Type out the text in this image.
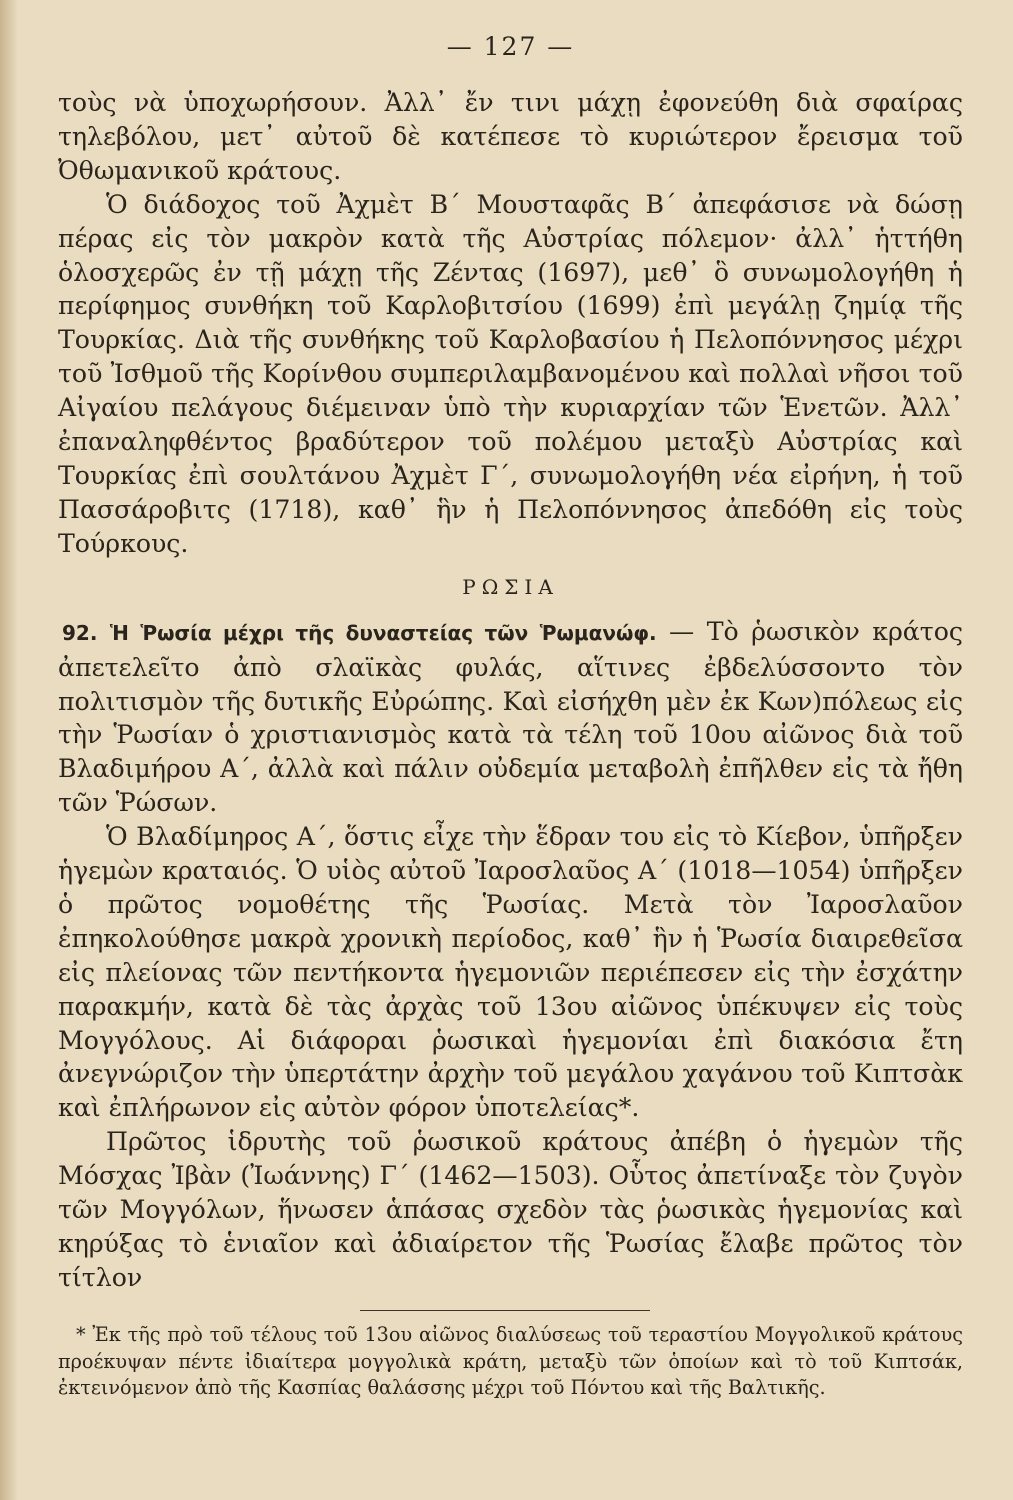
— 127 —

τοὺς νὰ ὑποχωρήσουν. Ἀλλ᾽ ἔν τινι μάχῃ ἐφονεύθη διὰ σφαίρας τηλεβόλου, μετ᾽ αὐτοῦ δὲ κατέπεσε τὸ κυριώτερον ἔρεισμα τοῦ Ὀθωμανικοῦ κράτους.

Ὁ διάδοχος τοῦ Ἀχμὲτ Β΄ Μουσταφᾶς Β΄ ἀπεφάσισε νὰ δώσῃ πέρας εἰς τὸν μακρὸν κατὰ τῆς Αὐστρίας πόλεμον· ἀλλ᾽ ἡττήθη ὁλοσχερῶς ἐν τῇ μάχῃ τῆς Ζέντας (1697), μεθ᾽ ὃ συνωμολογήθη ἡ περίφημος συνθήκη τοῦ Καρλοβιτσίου (1699) ἐπὶ μεγάλῃ ζημίᾳ τῆς Τουρκίας. Διὰ τῆς συνθήκης τοῦ Καρλοβασίου ἡ Πελοπόννησος μέχρι τοῦ Ἰσθμοῦ τῆς Κορίνθου συμπεριλαμβανομένου καὶ πολλαὶ νῆσοι τοῦ Αἰγαίου πελάγους διέμειναν ὑπὸ τὴν κυριαρχίαν τῶν Ἑνετῶν. Ἀλλ᾽ ἐπαναληφθέντος βραδύτερον τοῦ πολέμου μεταξὺ Αὐστρίας καὶ Τουρκίας ἐπὶ σουλτάνου Ἀχμὲτ Γ΄, συνωμολογήθη νέα εἰρήνη, ἡ τοῦ Πασσάροβιτς (1718), καθ᾽ ἣν ἡ Πελοπόννησος ἀπεδόθη εἰς τοὺς Τούρκους.

ΡΩΣΙΑ

92. Ἡ Ῥωσία μέχρι τῆς δυναστείας τῶν Ῥωμανώφ. — Τὸ ῥωσικὸν κράτος ἀπετελεῖτο ἀπὸ σλαϊκὰς φυλάς, αἵτινες ἐβδελύσσοντο τὸν πολιτισμὸν τῆς δυτικῆς Εὐρώπης. Καὶ εἰσήχθη μὲν ἐκ Κων)πόλεως εἰς τὴν Ῥωσίαν ὁ χριστιανισμὸς κατὰ τὰ τέλη τοῦ 10ου αἰῶνος διὰ τοῦ Βλαδιμήρου Α΄, ἀλλὰ καὶ πάλιν οὐδεμία μεταβολὴ ἐπῆλθεν εἰς τὰ ἤθη τῶν Ῥώσων.

Ὁ Βλαδίμηρος Α΄, ὅστις εἶχε τὴν ἕδραν του εἰς τὸ Κίεβον, ὑπῆρξεν ἡγεμὼν κραταιός. Ὁ υἱὸς αὐτοῦ Ἰαροσλαῦος Α΄ (1018—1054) ὑπῆρξεν ὁ πρῶτος νομοθέτης τῆς Ῥωσίας. Μετὰ τὸν Ἰαροσλαῦον ἐπηκολούθησε μακρὰ χρονικὴ περίοδος, καθ᾽ ἣν ἡ Ῥωσία διαιρεθεῖσα εἰς πλείονας τῶν πεντήκοντα ἡγεμονιῶν περιέπεσεν εἰς τὴν ἐσχάτην παρακμήν, κατὰ δὲ τὰς ἀρχὰς τοῦ 13ου αἰῶνος ὑπέκυψεν εἰς τοὺς Μογγόλους. Αἱ διάφοραι ῥωσικαὶ ἡγεμονίαι ἐπὶ διακόσια ἔτη ἀνεγνώριζον τὴν ὑπερτάτην ἀρχὴν τοῦ μεγάλου χαγάνου τοῦ Κιπτσὰκ καὶ ἐπλήρωνον εἰς αὐτὸν φόρον ὑποτελείας*.

Πρῶτος ἱδρυτὴς τοῦ ῥωσικοῦ κράτους ἀπέβη ὁ ἡγεμὼν τῆς Μόσχας Ἰβὰν (Ἰωάννης) Γ΄ (1462—1503). Οὗτος ἀπετίναξε τὸν ζυγὸν τῶν Μογγόλων, ἥνωσεν ἁπάσας σχεδὸν τὰς ῥωσικὰς ἡγεμονίας καὶ κηρύξας τὸ ἑνιαῖον καὶ ἀδιαίρετον τῆς Ῥωσίας ἔλαβε πρῶτος τὸν τίτλον

* Ἐκ τῆς πρὸ τοῦ τέλους τοῦ 13ου αἰῶνος διαλύσεως τοῦ τεραστίου Μογγολικοῦ κράτους προέκυψαν πέντε ἰδιαίτερα μογγολικὰ κράτη, μεταξὺ τῶν ὁποίων καὶ τὸ τοῦ Κιπτσάκ, ἐκτεινόμενον ἀπὸ τῆς Κασπίας θαλάσσης μέχρι τοῦ Πόντου καὶ τῆς Βαλτικῆς.
